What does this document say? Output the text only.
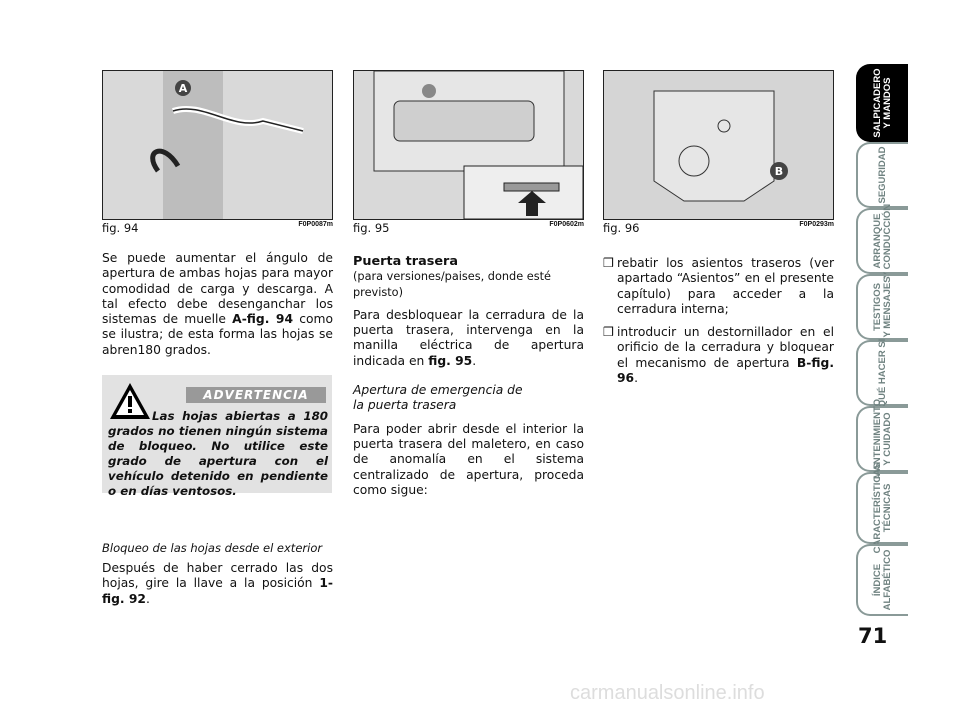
A
B
fig. 94	F0P0087m fig. 95	F0P0602m fig. 96	F0P0293m
Se puede aumentar el ángulo de apertura de ambas hojas para mayor comodidad de carga y descarga. A tal efecto debe desenganchar los sistemas de muelle A-fig. 94 como se ilustra; de esta forma las hojas se abren180 grados.
ADVERTENCIA
Las hojas abiertas a 180 grados no tienen ningún sistema de bloqueo. No utilice este grado de apertura con el vehículo detenido en pendiente o en días ventosos.
Bloqueo de las hojas desde el exterior
Después de haber cerrado las dos hojas, gire la llave a la posición 1-fig. 92.
Puerta trasera

(para versiones/paises, donde esté previsto)

Para desbloquear la cerradura de la puerta trasera, intervenga en la manilla eléctrica de apertura indicada en fig. 95.

Apertura de emergencia de la puerta trasera

Para poder abrir desde el interior la puerta trasera del maletero, en caso de anomalía en el sistema centralizado de apertura, proceda como sigue:

❒ rebatir los asientos traseros (ver apartado “Asientos” en el presente capítulo) para acceder a la cerradura interna;
❒ introducir un destornillador en el orificio de la cerradura y bloquear el mecanismo de apertura B-fig. 96.
SALPICADERO
Y MANDOS
SEGURIDAD
ARRANQUE
Y CONDUCCIÓN
TESTIGOS
Y MENSAJES
QUÉ HACER SI
MANTENIMIENTO
Y CUIDADO
CARACTERÍSTICAS
TÉCNICAS
ÍNDICE
ALFABÉTICO
71
carmanualsonline.info
